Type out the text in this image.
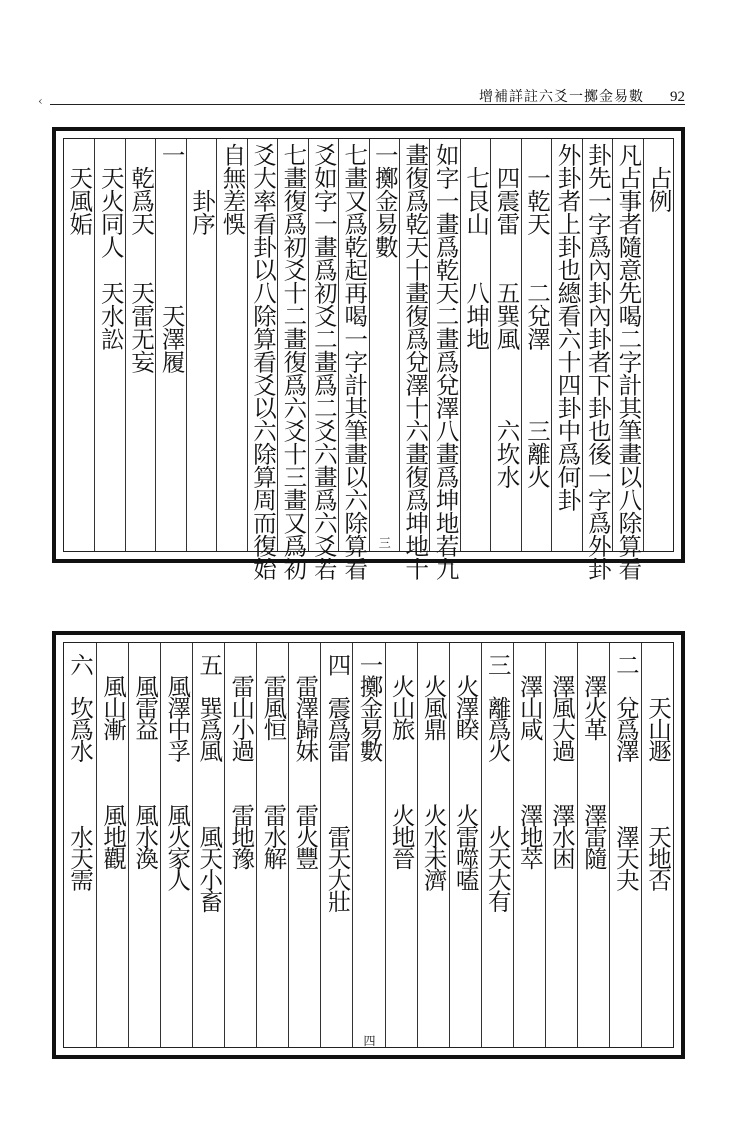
‹	增補詳註六爻一擲金易數 92
　占例
凡占事者隨意先喝二字計其筆畫以八除算看
卦先一字爲內卦內卦者下卦也後一字爲外卦
外卦者上卦也總看六十四卦中爲何卦
　一乾天　　二兌澤　　　三離火
　四震雷　　五巽風　　　六坎水
　七艮山　　八坤地
如字一畫爲乾天二畫爲兌澤八畫爲坤地若九
畫復爲乾天十畫復爲兌澤十六畫復爲坤地十
一擲金易數
三
七畫又爲乾起再喝一字計其筆畫以六除算看
爻如字一畫爲初爻二畫爲二爻六畫爲六爻若
七畫復爲初爻十二畫復爲六爻十三畫又爲初
爻大率看卦以八除算看爻以六除算周而復始
自無差悞
　　卦序
一　　　　　　天澤履
　乾爲天　　天雷无妄
　天火同人　天水訟
　天風姤
　　天山遯　　　天地否
二　兌爲澤　　　澤天夬
　澤火革　　　澤雷隨
　澤風大過　　澤水困
　澤山咸　　　澤地萃
三　離爲火　　　火天大有
　火澤睽　　　火雷噬嗑
　火風鼎　　　火水未濟
　火山旅　　　火地晉
一擲金易數
四
四　震爲雷　　　雷天大壯
　雷澤歸妹　　雷火豐
　雷風恒　　　雷水解
　雷山小過　　雷地豫
五　巽爲風　　　風天小畜
　風澤中孚　　風火家人
　風雷益　　　風水渙
　風山漸　　　風地觀
六　坎爲水　　　水天需
